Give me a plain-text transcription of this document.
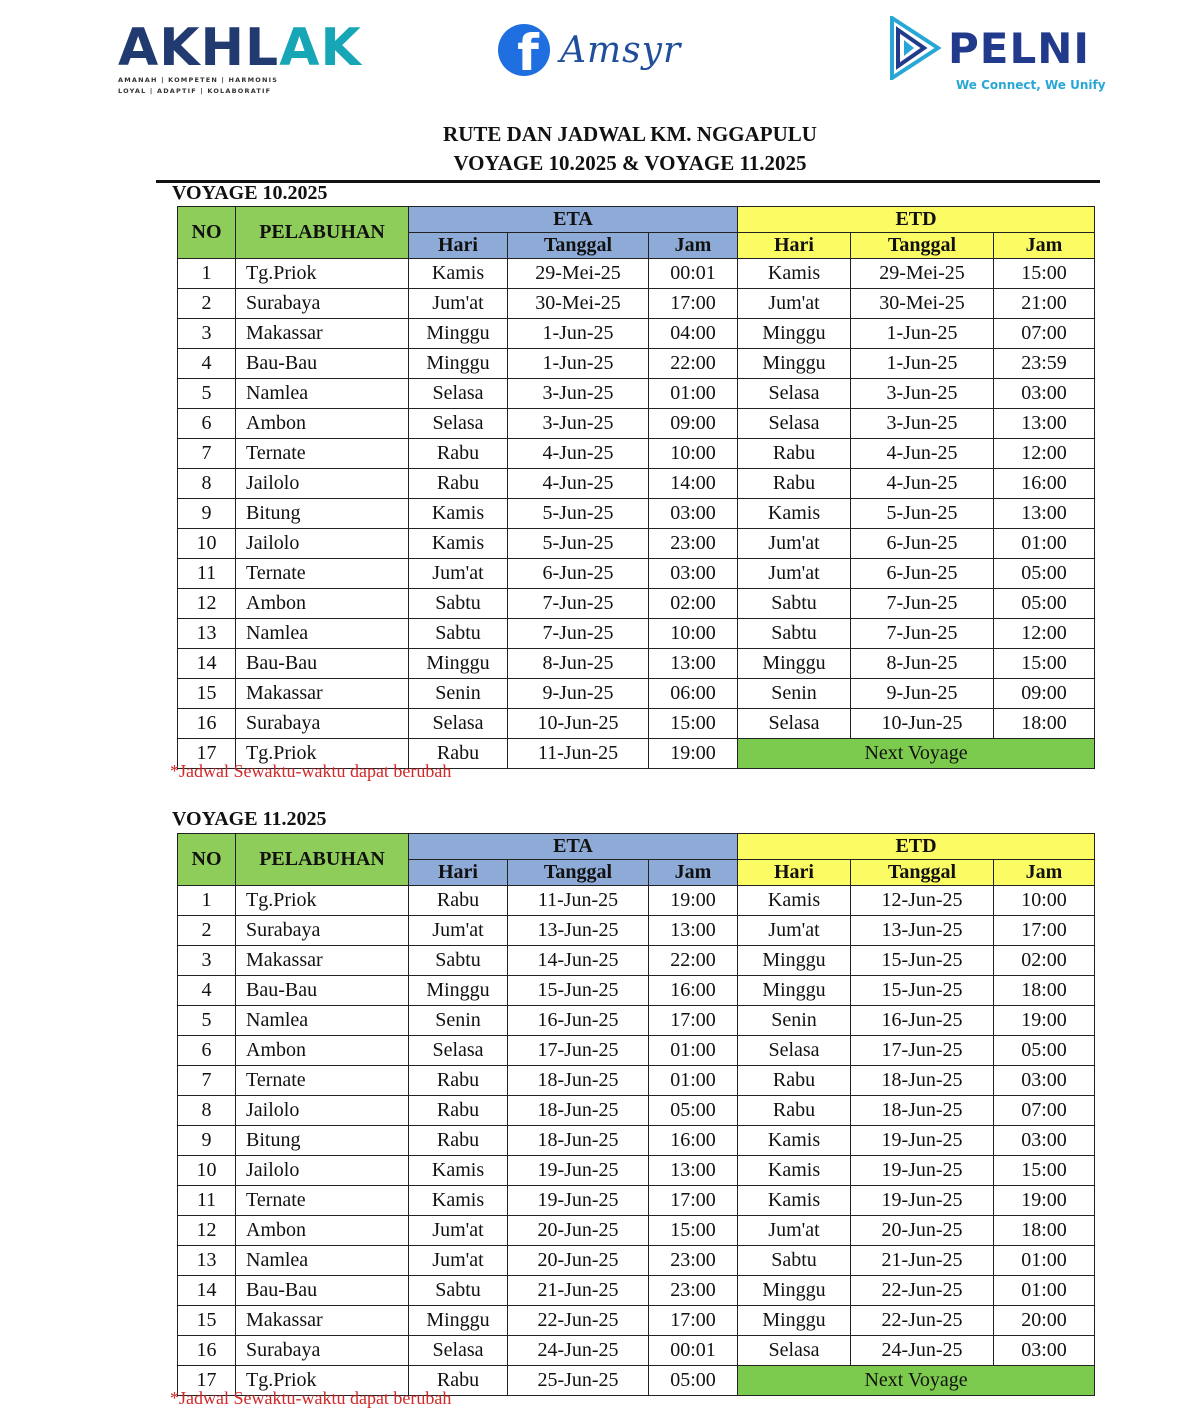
AKHLAK
AMANAH | KOMPETEN | HARMONIS
LOYAL | ADAPTIF | KOLABORATIF
f Amsyr	PELNI
We Connect, We Unify
RUTE DAN JADWAL KM. NGGAPULU
VOYAGE 10.2025 & VOYAGE 11.2025
VOYAGE 10.2025
NO	PELABUHAN	ETA			ETD		
		Hari	Tanggal	Jam	Hari	Tanggal	Jam
1	Tg.Priok	Kamis	29-Mei-25	00:01	Kamis	29-Mei-25	15:00
2	Surabaya	Jum'at	30-Mei-25	17:00	Jum'at	30-Mei-25	21:00
3	Makassar	Minggu	1-Jun-25	04:00	Minggu	1-Jun-25	07:00
4	Bau-Bau	Minggu	1-Jun-25	22:00	Minggu	1-Jun-25	23:59
5	Namlea	Selasa	3-Jun-25	01:00	Selasa	3-Jun-25	03:00
6	Ambon	Selasa	3-Jun-25	09:00	Selasa	3-Jun-25	13:00
7	Ternate	Rabu	4-Jun-25	10:00	Rabu	4-Jun-25	12:00
8	Jailolo	Rabu	4-Jun-25	14:00	Rabu	4-Jun-25	16:00
9	Bitung	Kamis	5-Jun-25	03:00	Kamis	5-Jun-25	13:00
10	Jailolo	Kamis	5-Jun-25	23:00	Jum'at	6-Jun-25	01:00
11	Ternate	Jum'at	6-Jun-25	03:00	Jum'at	6-Jun-25	05:00
12	Ambon	Sabtu	7-Jun-25	02:00	Sabtu	7-Jun-25	05:00
13	Namlea	Sabtu	7-Jun-25	10:00	Sabtu	7-Jun-25	12:00
14	Bau-Bau	Minggu	8-Jun-25	13:00	Minggu	8-Jun-25	15:00
15	Makassar	Senin	9-Jun-25	06:00	Senin	9-Jun-25	09:00
16	Surabaya	Selasa	10-Jun-25	15:00	Selasa	10-Jun-25	18:00
17	Tg.Priok	Rabu	11-Jun-25	19:00	Next Voyage		
*Jadwal Sewaktu-waktu dapat berubah
VOYAGE 11.2025
NO	PELABUHAN	ETA			ETD		
		Hari	Tanggal	Jam	Hari	Tanggal	Jam
1	Tg.Priok	Rabu	11-Jun-25	19:00	Kamis	12-Jun-25	10:00
2	Surabaya	Jum'at	13-Jun-25	13:00	Jum'at	13-Jun-25	17:00
3	Makassar	Sabtu	14-Jun-25	22:00	Minggu	15-Jun-25	02:00
4	Bau-Bau	Minggu	15-Jun-25	16:00	Minggu	15-Jun-25	18:00
5	Namlea	Senin	16-Jun-25	17:00	Senin	16-Jun-25	19:00
6	Ambon	Selasa	17-Jun-25	01:00	Selasa	17-Jun-25	05:00
7	Ternate	Rabu	18-Jun-25	01:00	Rabu	18-Jun-25	03:00
8	Jailolo	Rabu	18-Jun-25	05:00	Rabu	18-Jun-25	07:00
9	Bitung	Rabu	18-Jun-25	16:00	Kamis	19-Jun-25	03:00
10	Jailolo	Kamis	19-Jun-25	13:00	Kamis	19-Jun-25	15:00
11	Ternate	Kamis	19-Jun-25	17:00	Kamis	19-Jun-25	19:00
12	Ambon	Jum'at	20-Jun-25	15:00	Jum'at	20-Jun-25	18:00
13	Namlea	Jum'at	20-Jun-25	23:00	Sabtu	21-Jun-25	01:00
14	Bau-Bau	Sabtu	21-Jun-25	23:00	Minggu	22-Jun-25	01:00
15	Makassar	Minggu	22-Jun-25	17:00	Minggu	22-Jun-25	20:00
16	Surabaya	Selasa	24-Jun-25	00:01	Selasa	24-Jun-25	03:00
17	Tg.Priok	Rabu	25-Jun-25	05:00	Next Voyage		
*Jadwal Sewaktu-waktu dapat berubah
